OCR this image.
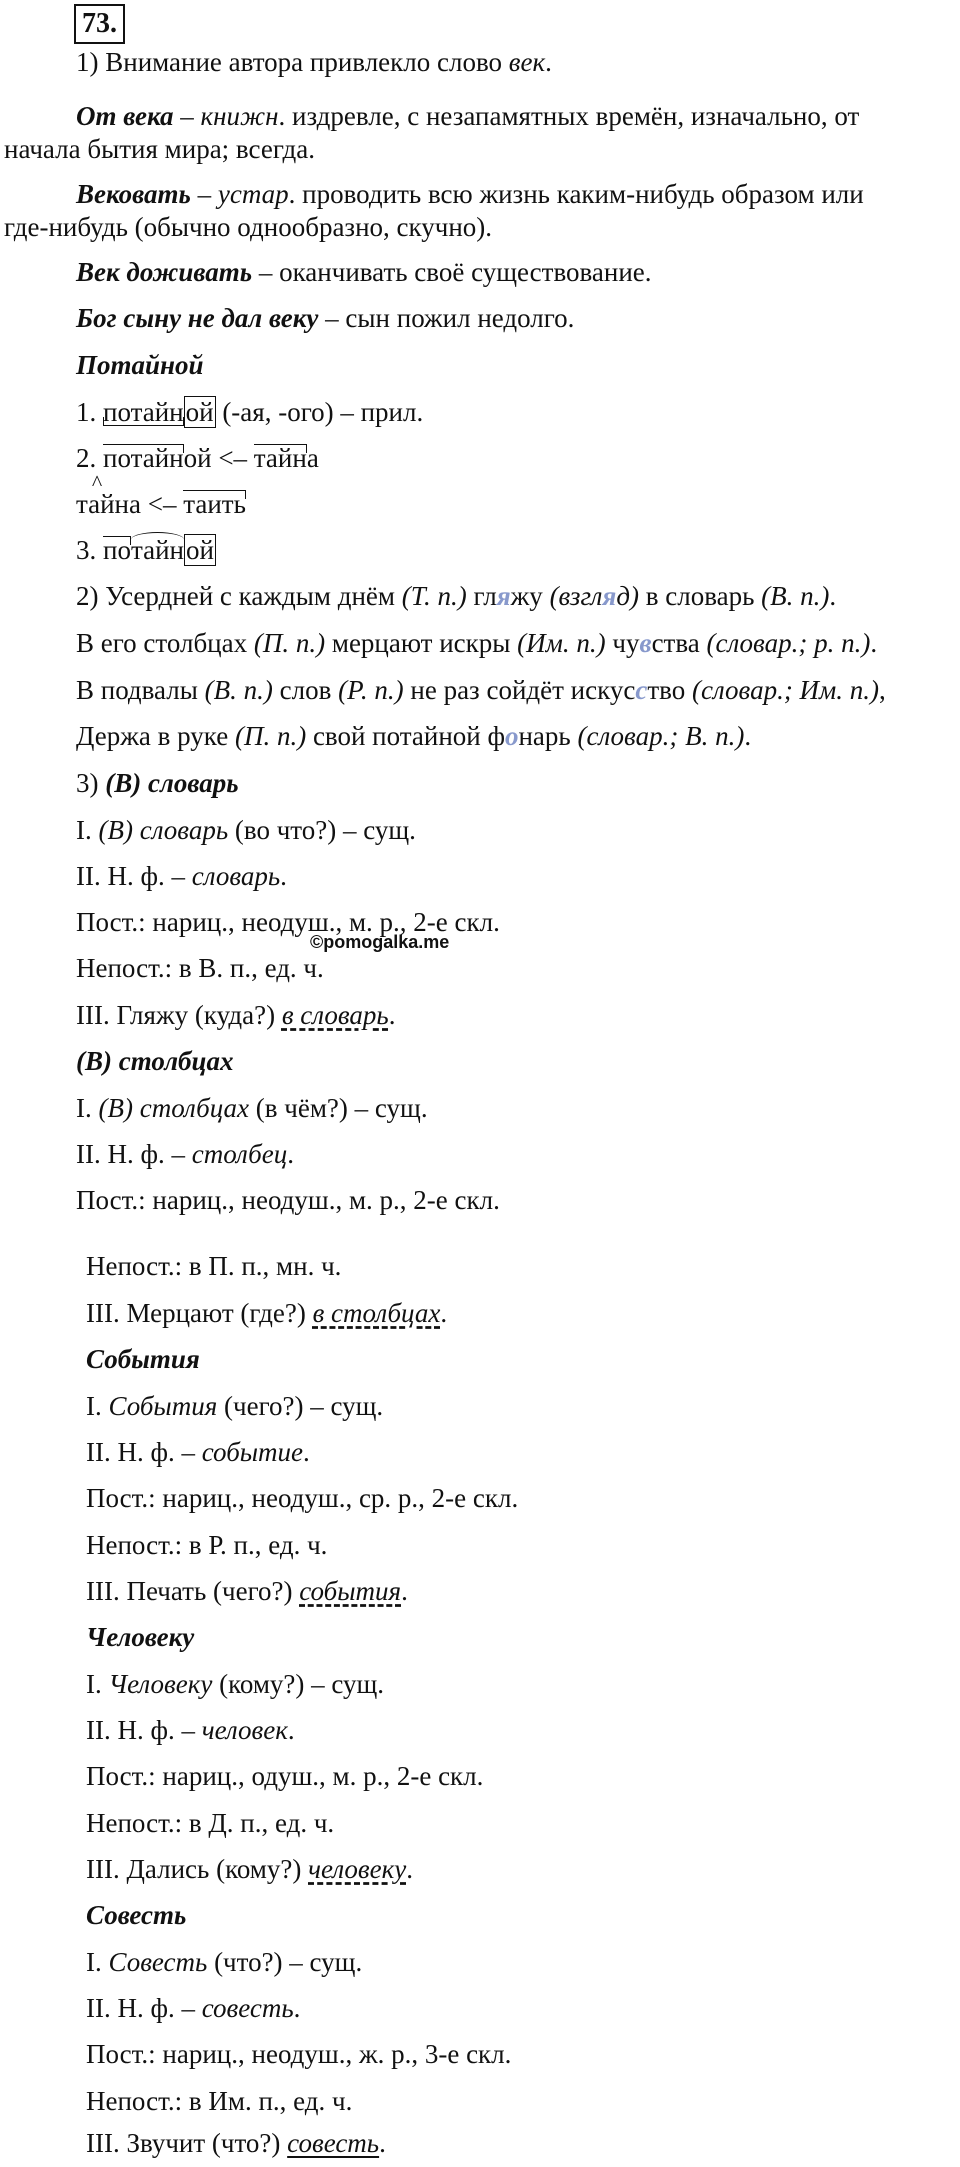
73.
1) Внимание автора привлекло слово век.
От века – книжн. издревле, с незапамятных времён, изначально, от
начала бытия мира; всегда.
Вековать – устар. проводить всю жизнь каким-нибудь образом или
где-нибудь (обычно однообразно, скучно).
Век доживать – оканчивать своё существование.
Бог сыну не дал веку – сын пожил недолго.
Потайной
1. потайной (-ая, -ого) – прил.
2. потайной <– тайна
^ тайна <– таить
3. потайной
2) Усердней с каждым днём (Т. п.) гляжу (взгляд) в словарь (В. п.).
В его столбцах (П. п.) мерцают искры (Им. п.) чувства (словар.; р. п.).
В подвалы (В. п.) слов (Р. п.) не раз сойдёт искусство (словар.; Им. п.),
Держа в руке (П. п.) свой потайной фонарь (словар.; В. п.).
3) (В) словарь
I. (В) словарь (во что?) – сущ.
II. Н. ф. – словарь.
Пост.: нариц., неодуш., м. р., 2-е скл.
©pomogalka.me
Непост.: в В. п., ед. ч.
III. Гляжу (куда?) в словарь.
(В) столбцах
I. (В) столбцах (в чём?) – сущ.
II. Н. ф. – столбец.
Пост.: нариц., неодуш., м. р., 2-е скл.
Непост.: в П. п., мн. ч.
III. Мерцают (где?) в столбцах.
События
I. События (чего?) – сущ.
II. Н. ф. – событие.
Пост.: нариц., неодуш., ср. р., 2-е скл.
Непост.: в Р. п., ед. ч.
III. Печать (чего?) события.
Человеку
I. Человеку (кому?) – сущ.
II. Н. ф. – человек.
Пост.: нариц., одуш., м. р., 2-е скл.
Непост.: в Д. п., ед. ч.
III. Дались (кому?) человеку.
Совесть
I. Совесть (что?) – сущ.
II. Н. ф. – совесть.
Пост.: нариц., неодуш., ж. р., 3-е скл.
Непост.: в Им. п., ед. ч.
III. Звучит (что?) совесть.
